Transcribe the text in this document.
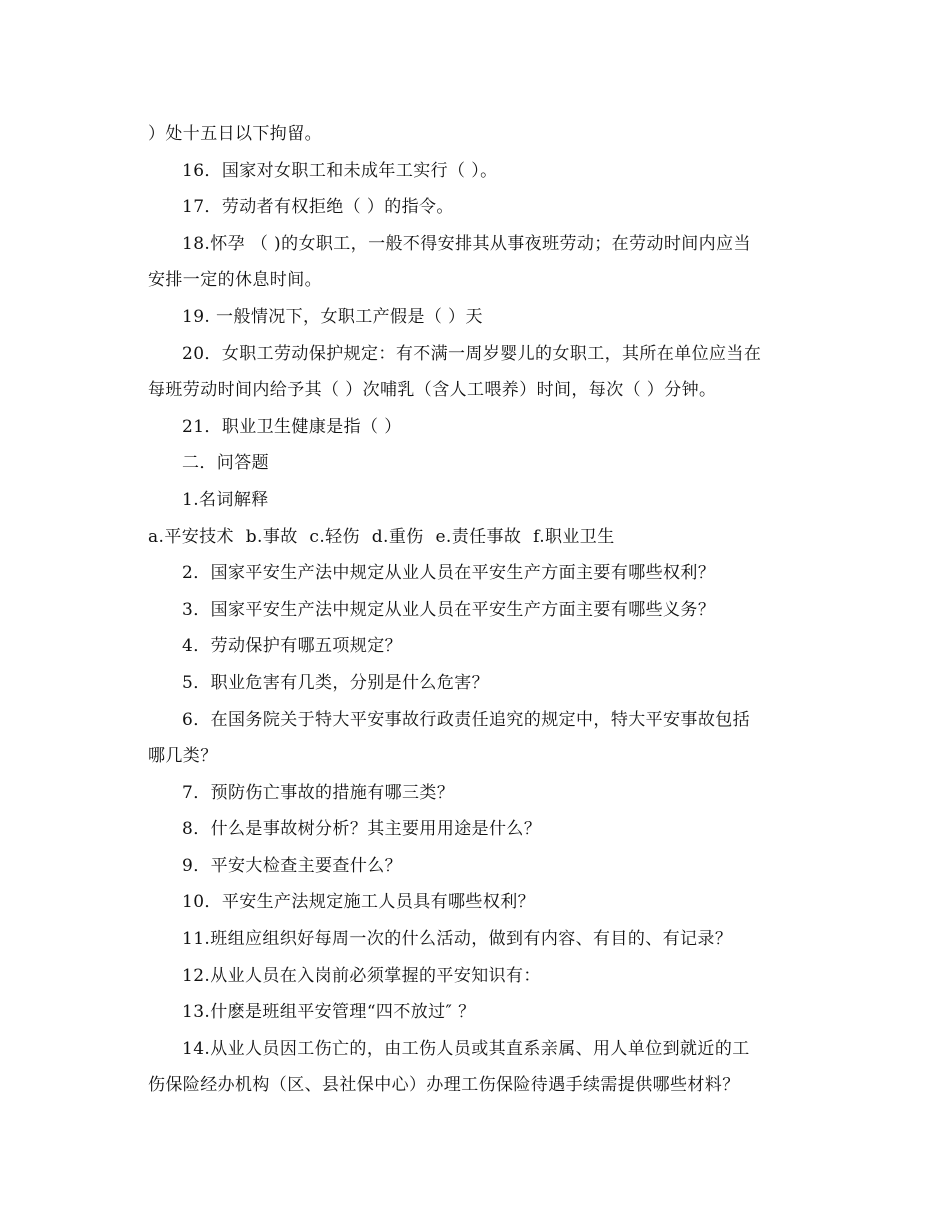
）处十五日以下拘留。

16．国家对女职工和未成年工实行（ ）。

17．劳动者有权拒绝（ ）的指令。

18.怀孕 （ )的女职工，一般不得安排其从事夜班劳动；在劳动时间内应当

安排一定的休息时间。

19. 一般情况下，女职工产假是（ ）天

20．女职工劳动保护规定：有不满一周岁婴儿的女职工，其所在单位应当在

每班劳动时间内给予其（ ）次哺乳（含人工喂养）时间，每次（ ）分钟。

21．职业卫生健康是指（ ）

二．问答题

1.名词解释

a.平安技术 b.事故 c.轻伤 d.重伤 e.责任事故 f.职业卫生

2．国家平安生产法中规定从业人员在平安生产方面主要有哪些权利？

3．国家平安生产法中规定从业人员在平安生产方面主要有哪些义务？

4．劳动保护有哪五项规定？

5．职业危害有几类，分别是什么危害？

6．在国务院关于特大平安事故行政责任追究的规定中，特大平安事故包括

哪几类？

7．预防伤亡事故的措施有哪三类？

8．什么是事故树分析？其主要用用途是什么？

9．平安大检查主要查什么？

10．平安生产法规定施工人员具有哪些权利？

11.班组应组织好每周一次的什么活动，做到有内容、有目的、有记录？

12.从业人员在入岗前必须掌握的平安知识有：

13.什麽是班组平安管理“四不放过″ ？

14.从业人员因工伤亡的，由工伤人员或其直系亲属、用人单位到就近的工

伤保险经办机构（区、县社保中心）办理工伤保险待遇手续需提供哪些材料？
